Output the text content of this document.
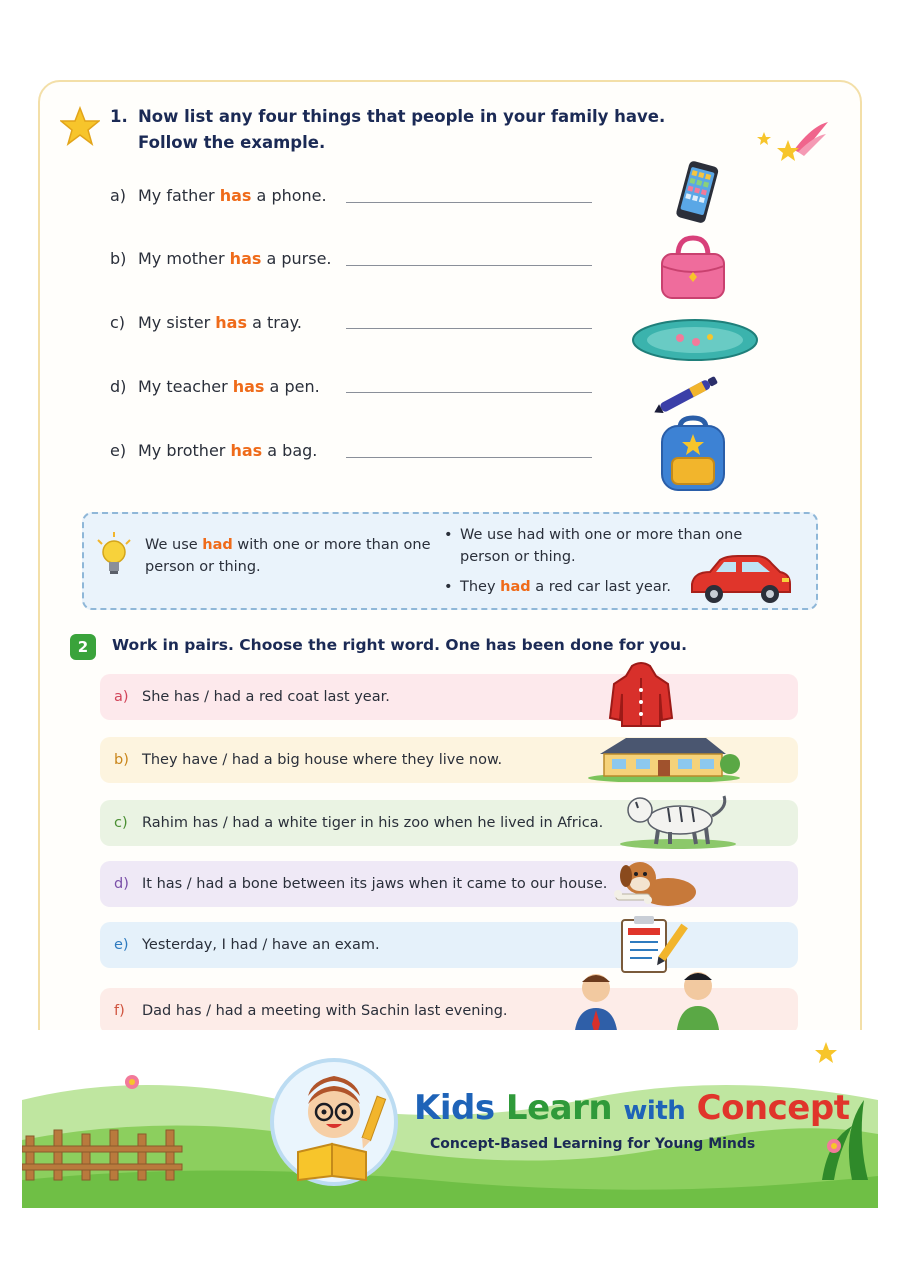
1. Now list any four things that people in your family have.
Follow the example.
a) My father
has
a phone.
b) My mother
has
a purse.
c) My sister
has
a tray.
d) My teacher
has
a pen.
e) My brother
has
a bag.
We use had with one or more than one person or thing.
• We use had with one or more than one person or thing.
• They had a red car last year.
2	Work in pairs. Choose the right word. One has been done for you.
a) She has / had a red coat last year.
b) They have / had a big house where they live now.
c) Rahim has / had a white tiger in his zoo when he lived in Africa.
d) It has / had a bone between its jaws when it came to our house.
e) Yesterday, I had / have an exam.
f)	Dad has / had a meeting with Sachin last evening.
Kids Learn with Concept
Concept-Based Learning for Young Minds
